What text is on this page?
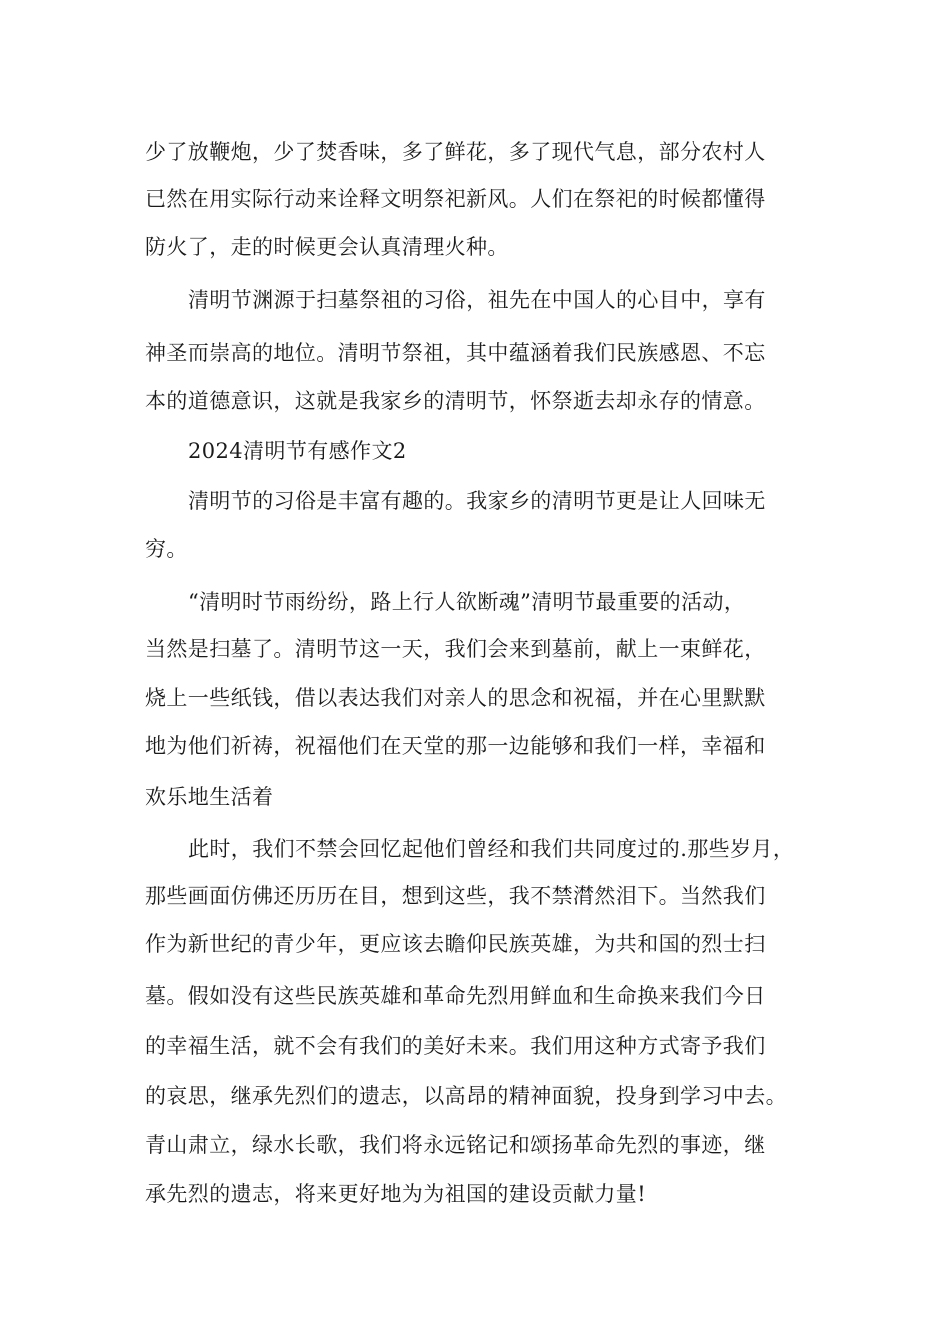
少了放鞭炮，少了焚香味，多了鲜花，多了现代气息，部分农村人

已然在用实际行动来诠释文明祭祀新风。人们在祭祀的时候都懂得

防火了，走的时候更会认真清理火种。

清明节渊源于扫墓祭祖的习俗，祖先在中国人的心目中，享有

神圣而崇高的地位。清明节祭祖，其中蕴涵着我们民族感恩、不忘

本的道德意识，这就是我家乡的清明节，怀祭逝去却永存的情意。

2024清明节有感作文2

清明节的习俗是丰富有趣的。我家乡的清明节更是让人回味无

穷。

“清明时节雨纷纷，路上行人欲断魂”清明节最重要的活动，

当然是扫墓了。清明节这一天，我们会来到墓前，献上一束鲜花，

烧上一些纸钱，借以表达我们对亲人的思念和祝福，并在心里默默

地为他们祈祷，祝福他们在天堂的那一边能够和我们一样，幸福和

欢乐地生活着

此时，我们不禁会回忆起他们曾经和我们共同度过的.那些岁月，

那些画面仿佛还历历在目，想到这些，我不禁潸然泪下。当然我们

作为新世纪的青少年，更应该去瞻仰民族英雄，为共和国的烈士扫

墓。假如没有这些民族英雄和革命先烈用鲜血和生命换来我们今日

的幸福生活，就不会有我们的美好未来。我们用这种方式寄予我们

的哀思，继承先烈们的遗志，以高昂的精神面貌，投身到学习中去。

青山肃立，绿水长歌，我们将永远铭记和颂扬革命先烈的事迹，继

承先烈的遗志，将来更好地为为祖国的建设贡献力量!
